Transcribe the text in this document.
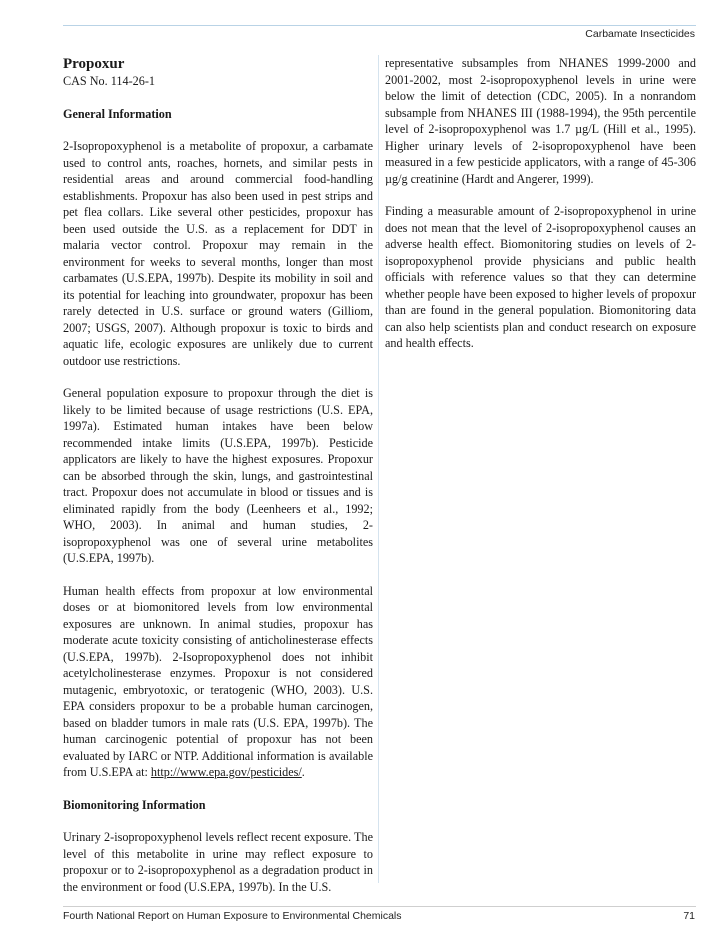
Carbamate Insecticides
Propoxur
CAS No. 114-26-1
General Information

2-Isopropoxyphenol is a metabolite of propoxur, a carbamate used to control ants, roaches, hornets, and similar pests in residential areas and around commercial food-handling establishments. Propoxur has also been used in pest strips and pet flea collars. Like several other pesticides, propoxur has been used outside the U.S. as a replacement for DDT in malaria vector control. Propoxur may remain in the environment for weeks to several months, longer than most carbamates (U.S.EPA, 1997b). Despite its mobility in soil and its potential for leaching into groundwater, propoxur has been rarely detected in U.S. surface or ground waters (Gilliom, 2007; USGS, 2007). Although propoxur is toxic to birds and aquatic life, ecologic exposures are unlikely due to current outdoor use restrictions.

General population exposure to propoxur through the diet is likely to be limited because of usage restrictions (U.S. EPA, 1997a). Estimated human intakes have been below recommended intake limits (U.S.EPA, 1997b). Pesticide applicators are likely to have the highest exposures. Propoxur can be absorbed through the skin, lungs, and gastrointestinal tract. Propoxur does not accumulate in blood or tissues and is eliminated rapidly from the body (Leenheers et al., 1992; WHO, 2003). In animal and human studies, 2-isopropoxyphenol was one of several urine metabolites (U.S.EPA, 1997b).

Human health effects from propoxur at low environmental doses or at biomonitored levels from low environmental exposures are unknown. In animal studies, propoxur has moderate acute toxicity consisting of anticholinesterase effects (U.S.EPA, 1997b). 2-Isopropoxyphenol does not inhibit acetylcholinesterase enzymes. Propoxur is not considered mutagenic, embryotoxic, or teratogenic (WHO, 2003). U.S. EPA considers propoxur to be a probable human carcinogen, based on bladder tumors in male rats (U.S. EPA, 1997b). The human carcinogenic potential of propoxur has not been evaluated by IARC or NTP. Additional information is available from U.S.EPA at: http://www.epa.gov/pesticides/.

Biomonitoring Information

Urinary 2-isopropoxyphenol levels reflect recent exposure. The level of this metabolite in urine may reflect exposure to propoxur or to 2-isopropoxyphenol as a degradation product in the environment or food (U.S.EPA, 1997b). In the U.S.

representative subsamples from NHANES 1999-2000 and 2001-2002, most 2-isopropoxyphenol levels in urine were below the limit of detection (CDC, 2005). In a nonrandom subsample from NHANES III (1988-1994), the 95th percentile level of 2-isopropoxyphenol was 1.7 µg/L (Hill et al., 1995). Higher urinary levels of 2-isopropoxyphenol have been measured in a few pesticide applicators, with a range of 45-306 µg/g creatinine (Hardt and Angerer, 1999).

Finding a measurable amount of 2-isopropoxyphenol in urine does not mean that the level of 2-isopropoxyphenol causes an adverse health effect. Biomonitoring studies on levels of 2-isopropoxyphenol provide physicians and public health officials with reference values so that they can determine whether people have been exposed to higher levels of propoxur than are found in the general population. Biomonitoring data can also help scientists plan and conduct research on exposure and health effects.

Fourth National Report on Human Exposure to Environmental Chemicals	71
